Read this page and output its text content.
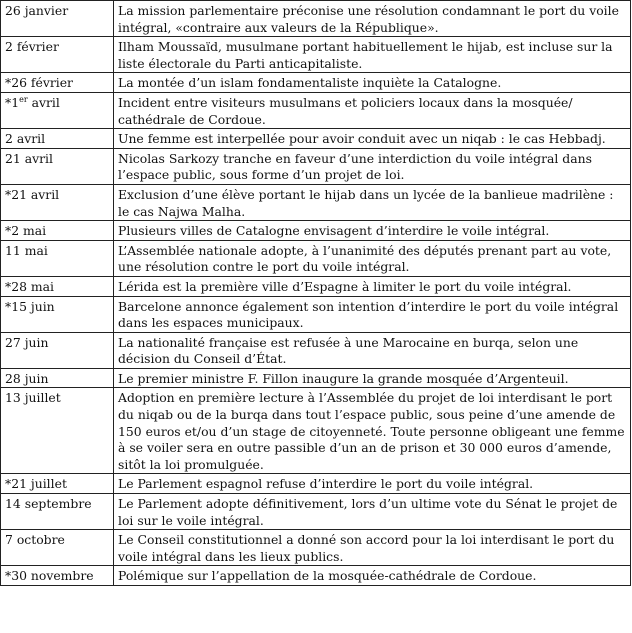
26 janvier	La mission parlementaire préconise une résolution condamnant le port du voile intégral, «contraire aux valeurs de la République».
2 février	Ilham Moussaïd, musulmane portant habituellement le hijab, est incluse sur la liste électorale du Parti anticapitaliste.
*26 février	La montée d’un islam fondamentaliste inquiète la Catalogne.
*1er avril	Incident entre visiteurs musulmans et policiers locaux dans la mosquée/ cathédrale de Cordoue.
2 avril	Une femme est interpellée pour avoir conduit avec un niqab : le cas Hebbadj.
21 avril	Nicolas Sarkozy tranche en faveur d’une interdiction du voile intégral dans l’espace public, sous forme d’un projet de loi.
*21 avril	Exclusion d’une élève portant le hijab dans un lycée de la banlieue madrilène : le cas Najwa Malha.
*2 mai	Plusieurs villes de Catalogne envisagent d’interdire le voile intégral.
11 mai	L’Assemblée nationale adopte, à l’unanimité des députés prenant part au vote, une résolution contre le port du voile intégral.
*28 mai	Lérida est la première ville d’Espagne à limiter le port du voile intégral.
*15 juin	Barcelone annonce également son intention d’interdire le port du voile intégral dans les espaces municipaux.
27 juin	La nationalité française est refusée à une Marocaine en burqa, selon une décision du Conseil d’État.
28 juin	Le premier ministre F. Fillon inaugure la grande mosquée d’Argenteuil.
13 juillet	Adoption en première lecture à l’Assemblée du projet de loi interdisant le port du niqab ou de la burqa dans tout l’espace public, sous peine d’une amende de 150 euros et/ou d’un stage de citoyenneté. Toute personne obligeant une femme à se voiler sera en outre passible d’un an de prison et 30 000 euros d’amende, sitôt la loi promulguée.
*21 juillet	Le Parlement espagnol refuse d’interdire le port du voile intégral.
14 septembre	Le Parlement adopte définitivement, lors d’un ultime vote du Sénat le projet de loi sur le voile intégral.
7 octobre	Le Conseil constitutionnel a donné son accord pour la loi interdisant le port du voile intégral dans les lieux publics.
*30 novembre	Polémique sur l’appellation de la mosquée-cathédrale de Cordoue.
